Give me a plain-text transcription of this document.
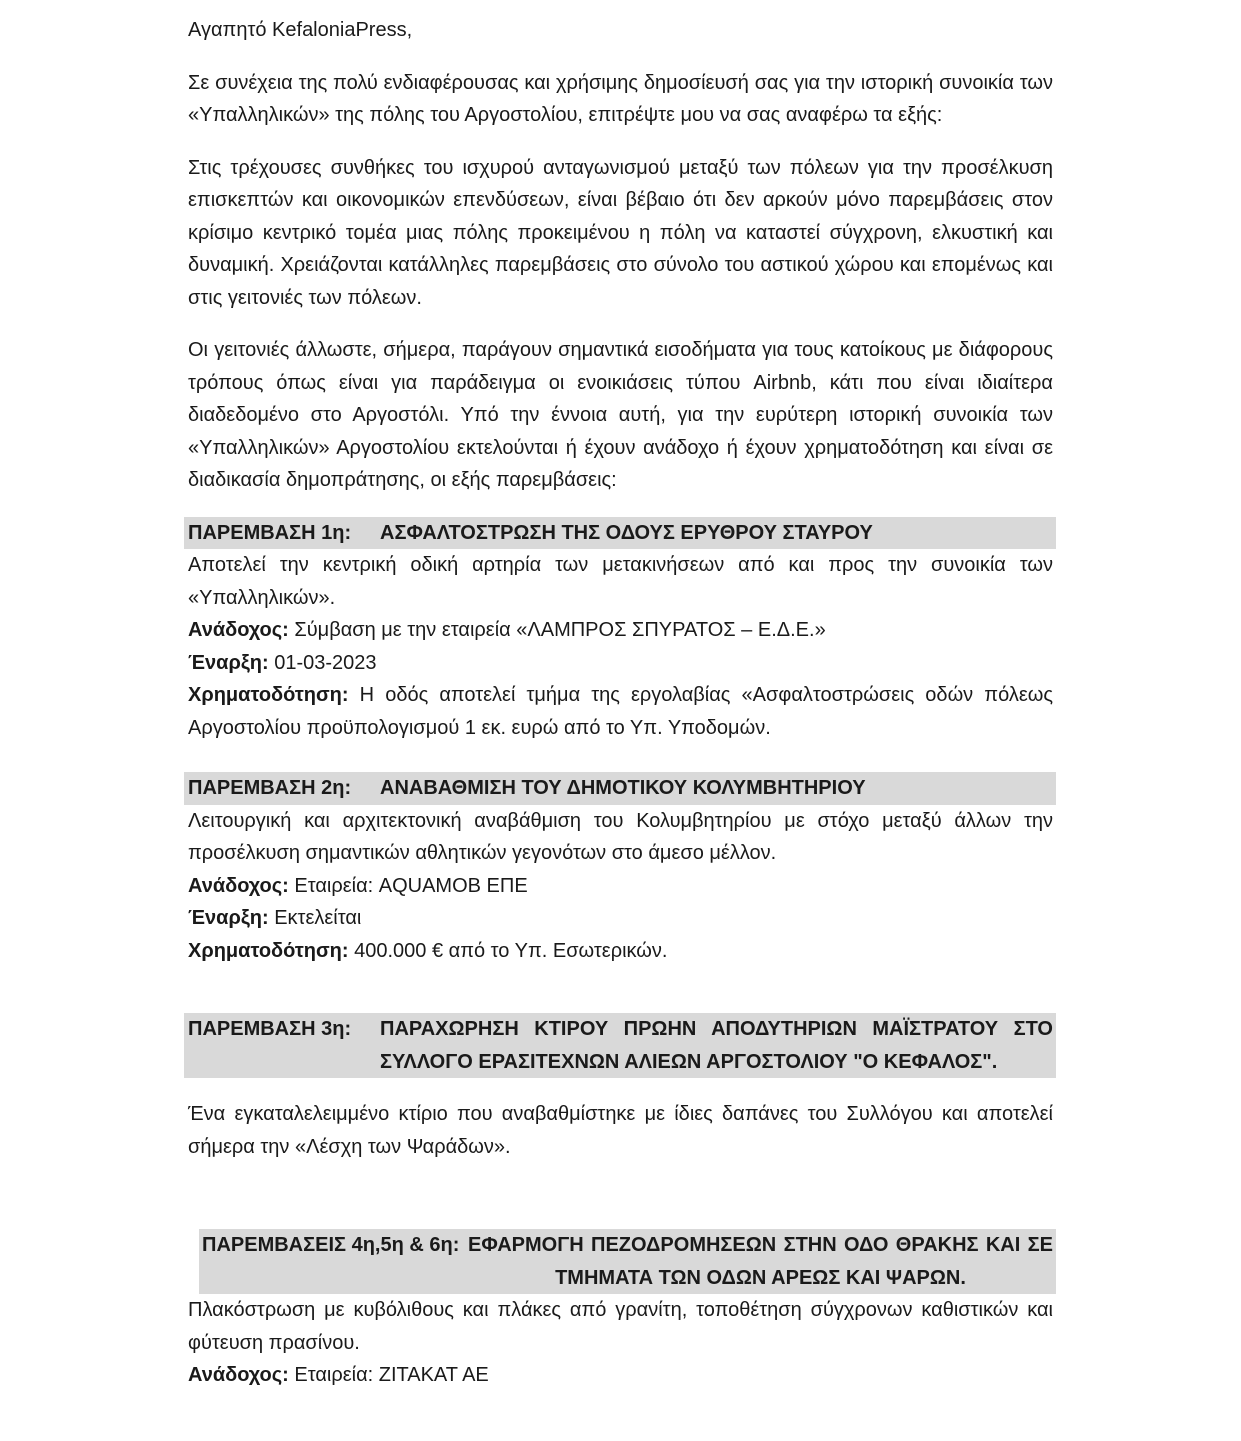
Αγαπητό KefaloniaPress,

Σε συνέχεια της πολύ ενδιαφέρουσας και χρήσιμης δημοσίευσή σας για την ιστορική συνοικία των «Υπαλληλικών» της πόλης του Αργοστολίου, επιτρέψτε μου να σας αναφέρω τα εξής:

Στις τρέχουσες συνθήκες του ισχυρού ανταγωνισμού μεταξύ των πόλεων για την προσέλκυση επισκεπτών και οικονομικών επενδύσεων, είναι βέβαιο ότι δεν αρκούν μόνο παρεμβάσεις στον κρίσιμο κεντρικό τομέα μιας πόλης προκειμένου η πόλη να καταστεί σύγχρονη, ελκυστική και δυναμική. Χρειάζονται κατάλληλες παρεμβάσεις στο σύνολο του αστικού χώρου και επομένως και στις γειτονιές των πόλεων.

Οι γειτονιές άλλωστε, σήμερα, παράγουν σημαντικά εισοδήματα για τους κατοίκους με διάφορους τρόπους όπως είναι για παράδειγμα οι ενοικιάσεις τύπου Airbnb, κάτι που είναι ιδιαίτερα διαδεδομένο στο Αργοστόλι. Υπό την έννοια αυτή, για την ευρύτερη ιστορική συνοικία των «Υπαλληλικών» Αργοστολίου εκτελούνται ή έχουν ανάδοχο ή έχουν χρηματοδότηση και είναι σε διαδικασία δημοπράτησης, οι εξής παρεμβάσεις:

ΠΑΡΕΜΒΑΣΗ 1η:	ΑΣΦΑΛΤΟΣΤΡΩΣΗ ΤΗΣ ΟΔΟΥΣ ΕΡΥΘΡΟΥ ΣΤΑΥΡΟΥ

Αποτελεί την κεντρική οδική αρτηρία των μετακινήσεων από και προς την συνοικία των «Υπαλληλικών».

Ανάδοχος: Σύμβαση με την εταιρεία «ΛΑΜΠΡΟΣ ΣΠΥΡΑΤΟΣ – Ε.Δ.Ε.»

Έναρξη: 01-03-2023

Χρηματοδότηση: Η οδός αποτελεί τμήμα της εργολαβίας «Ασφαλτοστρώσεις οδών πόλεως Αργοστολίου προϋπολογισμού 1 εκ. ευρώ από το Υπ. Υποδομών.

ΠΑΡΕΜΒΑΣΗ 2η:	ΑΝΑΒΑΘΜΙΣΗ ΤΟΥ ΔΗΜΟΤΙΚΟΥ ΚΟΛΥΜΒΗΤΗΡΙΟΥ

Λειτουργική και αρχιτεκτονική αναβάθμιση του Κολυμβητηρίου με στόχο μεταξύ άλλων την προσέλκυση σημαντικών αθλητικών γεγονότων στο άμεσο μέλλον.

Ανάδοχος: Εταιρεία: AQUAMOB ΕΠΕ

Έναρξη: Εκτελείται

Χρηματοδότηση: 400.000 € από το Υπ. Εσωτερικών.

ΠΑΡΕΜΒΑΣΗ 3η:	ΠΑΡΑΧΩΡΗΣΗ ΚΤΙΡΟΥ ΠΡΩΗΝ ΑΠΟΔΥΤΗΡΙΩΝ ΜΑΪΣΤΡΑΤΟΥ ΣΤΟ ΣΥΛΛΟΓΟ ΕΡΑΣΙΤΕΧΝΩΝ ΑΛΙΕΩΝ ΑΡΓΟΣΤΟΛΙΟΥ "Ο ΚΕΦΑΛΟΣ".

Ένα εγκαταλελειμμένο κτίριο που αναβαθμίστηκε με ίδιες δαπάνες του Συλλόγου και αποτελεί σήμερα την «Λέσχη των Ψαράδων».

ΠΑΡΕΜΒΑΣΕΙΣ 4η,5η & 6η: ΕΦΑΡΜΟΓΗ ΠΕΖΟΔΡΟΜΗΣΕΩΝ ΣΤΗΝ ΟΔΟ ΘΡΑΚΗΣ ΚΑΙ ΣΕ ΤΜΗΜΑΤΑ ΤΩΝ ΟΔΩΝ ΑΡΕΩΣ ΚΑΙ ΨΑΡΩΝ.

Πλακόστρωση με κυβόλιθους και πλάκες από γρανίτη, τοποθέτηση σύγχρονων καθιστικών και φύτευση πρασίνου.

Ανάδοχος: Εταιρεία: ZITAKAT AE
